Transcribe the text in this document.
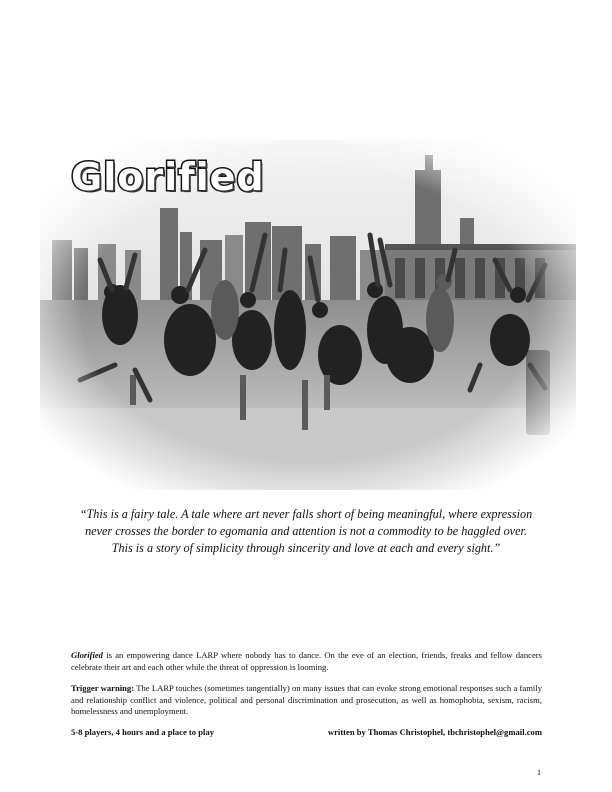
Glorified

“This is a fairy tale. A tale where art never falls short of being meaningful, where expression

never crosses the border to egomania and attention is not a commodity to be haggled over.

This is a story of simplicity through sincerity and love at each and every sight.”

Glorified is an empowering dance LARP where nobody has to dance. On the eve of an election, friends, freaks and fellow dancers celebrate their art and each other while the threat of oppression is looming.

Trigger warning: The LARP touches (sometimes tangentially) on many issues that can evoke strong emotional responses such a family and relationship conflict and violence, political and personal discrimination and prosecution, as well as homophobia, sexism, racism, homelessness and unemployment.

5-8 players, 4 hours and a place to play	written by Thomas Christophel, tbchristophel@gmail.com
1
